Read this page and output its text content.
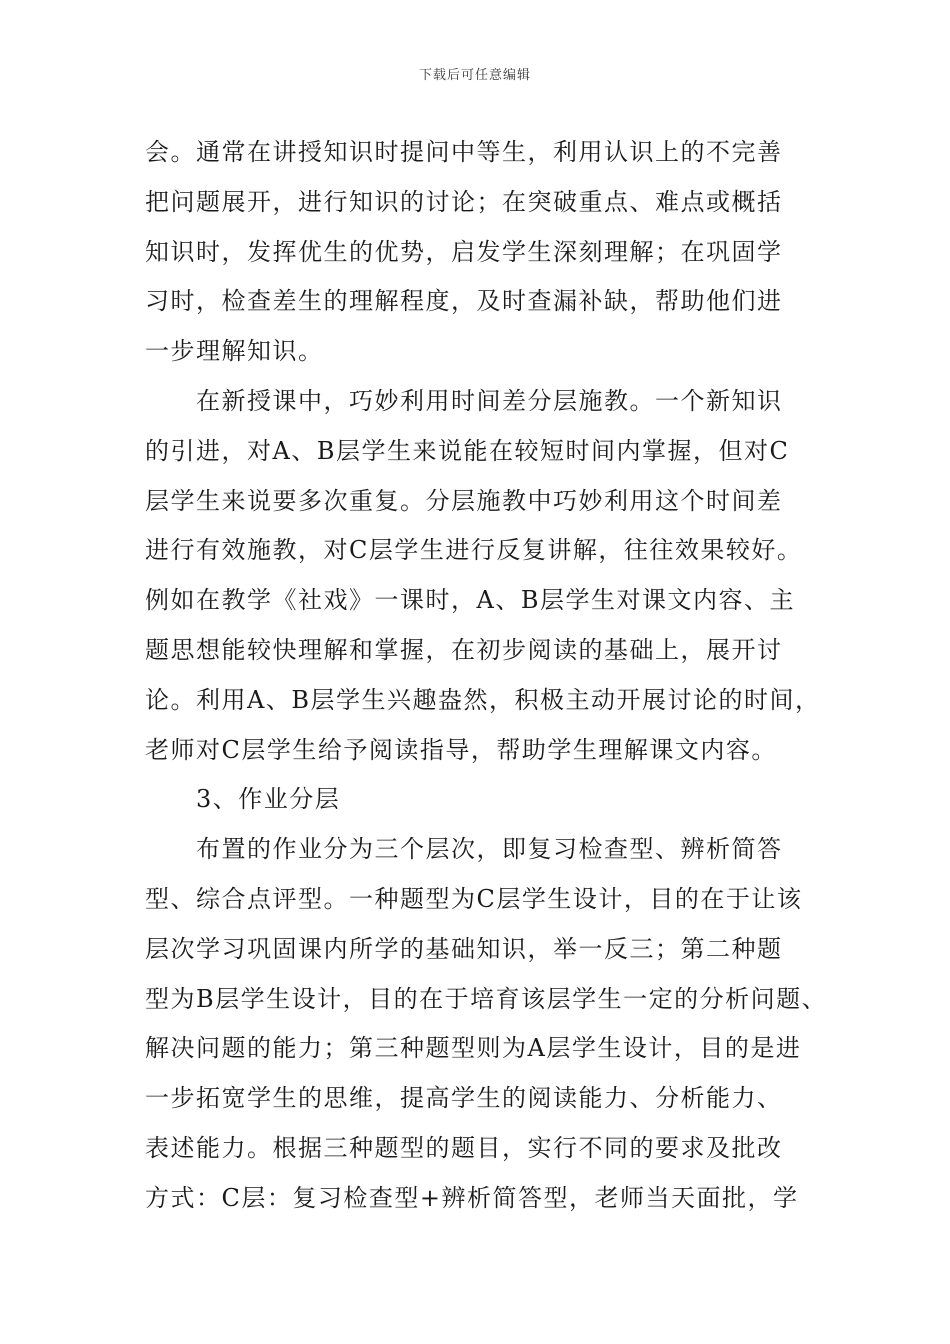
下载后可任意编辑
会。通常在讲授知识时提问中等生，利用认识上的不完善
把问题展开，进行知识的讨论；在突破重点、难点或概括
知识时，发挥优生的优势，启发学生深刻理解；在巩固学
习时，检查差生的理解程度，及时查漏补缺，帮助他们进
一步理解知识。
在新授课中，巧妙利用时间差分层施教。一个新知识
的引进，对A、B层学生来说能在较短时间内掌握，但对C
层学生来说要多次重复。分层施教中巧妙利用这个时间差
进行有效施教，对C层学生进行反复讲解，往往效果较好。
例如在教学《社戏》一课时，A、B层学生对课文内容、主
题思想能较快理解和掌握，在初步阅读的基础上，展开讨
论。利用A、B层学生兴趣盎然，积极主动开展讨论的时间，
老师对C层学生给予阅读指导，帮助学生理解课文内容。
3、作业分层
布置的作业分为三个层次，即复习检查型、辨析简答
型、综合点评型。一种题型为C层学生设计，目的在于让该
层次学习巩固课内所学的基础知识，举一反三；第二种题
型为B层学生设计，目的在于培育该层学生一定的分析问题、
解决问题的能力；第三种题型则为A层学生设计，目的是进
一步拓宽学生的思维，提高学生的阅读能力、分析能力、
表述能力。根据三种题型的题目，实行不同的要求及批改
方式：C层：复习检查型+辨析简答型，老师当天面批，学
